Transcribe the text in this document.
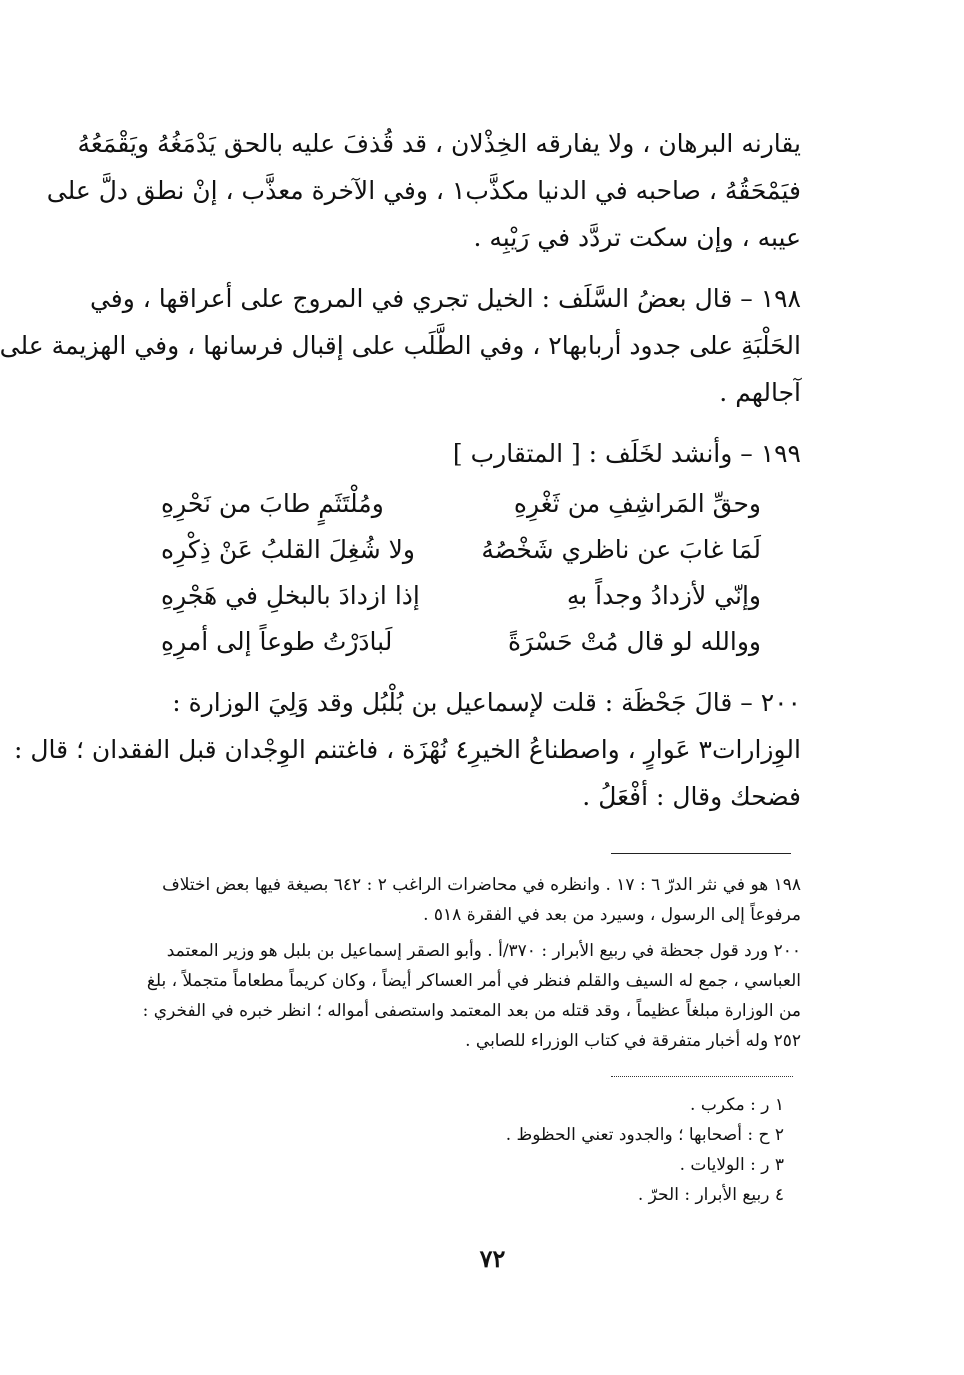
يقارنه البرهان ، ولا يفارقه الخِذْلان ، قد قُذفَ عليه بالحق يَدْمَغُهُ ويَقْمَعُهُ
فيَمْحَقُهُ ، صاحبه في الدنيا مكذَّب١ ، وفي الآخرة معذَّب ، إنْ نطق دلَّ على
عيبه ، وإن سكت تردَّد في رَيْبِه .
١٩٨ – قال بعضُ السَّلَف : الخيل تجري في المروج على أعراقها ، وفي
الحَلْبَةِ على جدود أربابها٢ ، وفي الطَّلَب على إقبال فرسانها ، وفي الهزيمة على
آجالهم .
١٩٩ – وأنشد لخَلَف : [ المتقارب ]
وحقِّ المَراشِفِ من ثَغْرِهِ
ومُلْتَثَمٍ طابَ من نَحْرِهِ
لَمَا غابَ عن ناظري شَخْصُهُ
ولا شُغِلَ القلبُ عَنْ ذِكْرِه
وإنّي لأزدادُ وجداً بهِ
إذا ازدادَ بالبخلِ في هَجْرِهِ
ووالله لو قال مُتْ حَسْرَةً
لَبادَرْتُ طوعاً إلى أمرِهِ
٢٠٠ – قالَ جَحْظَة : قلت لإسماعيل بن بُلْبُل وقد وَلِيَ الوزارة :
الوِزارات٣ عَوارٍ ، واصطناعُ الخيرِ٤ نُهْزَة ، فاغتنم الوِجْدان قبل الفقدان ؛ قال :
فضحك وقال : أفْعَلُ .
١٩٨ هو في نثر الدرّ ٦ : ١٧ . وانظره في محاضرات الراغب ٢ : ٦٤٢ بصيغة فيها بعض اختلاف
مرفوعاً إلى الرسول ، وسيرد من بعد في الفقرة ٥١٨ .
٢٠٠ ورد قول جحظة في ربيع الأبرار : ٣٧٠/أ . وأبو الصقر إسماعيل بن بلبل هو وزير المعتمد
العباسي ، جمع له السيف والقلم فنظر في أمر العساكر أيضاً ، وكان كريماً مطعاماً متجملاً ، بلغ
من الوزارة مبلغاً عظيماً ، وقد قتله من بعد المعتمد واستصفى أمواله ؛ انظر خبره في الفخري :
٢٥٢ وله أخبار متفرقة في كتاب الوزراء للصابي .
١ ر : مكرب .
٢ ح : أصحابها ؛ والجدود تعني الحظوظ .
٣ ر : الولايات .
٤ ربيع الأبرار : الحرّ .
٧٢
